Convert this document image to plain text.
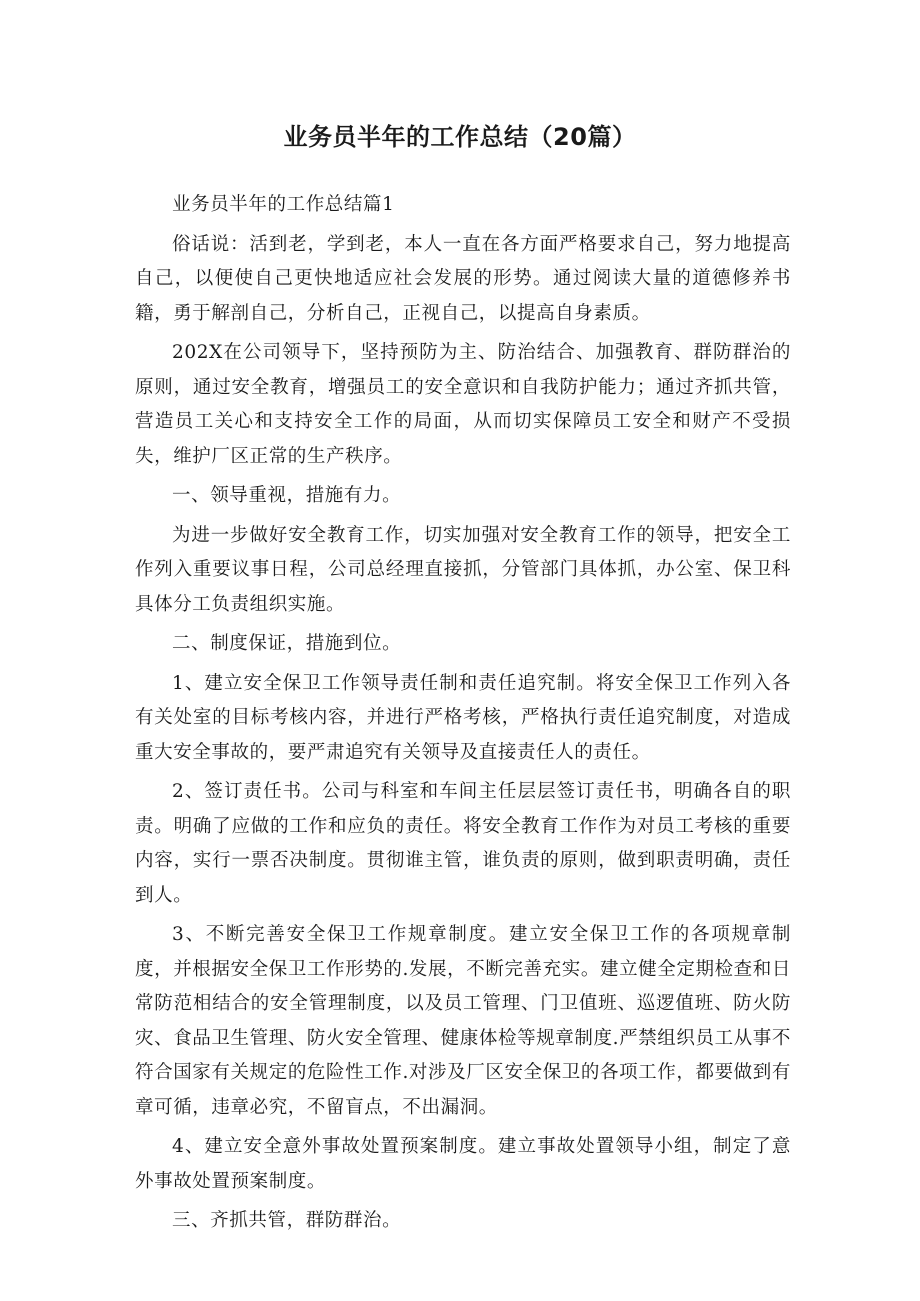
业务员半年的工作总结（20篇）

业务员半年的工作总结篇1

俗话说：活到老，学到老，本人一直在各方面严格要求自己，努力地提高自己，以便使自己更快地适应社会发展的形势。通过阅读大量的道德修养书籍，勇于解剖自己，分析自己，正视自己，以提高自身素质。

202X在公司领导下，坚持预防为主、防治结合、加强教育、群防群治的原则，通过安全教育，增强员工的安全意识和自我防护能力；通过齐抓共管，营造员工关心和支持安全工作的局面，从而切实保障员工安全和财产不受损失，维护厂区正常的生产秩序。

一、领导重视，措施有力。

为进一步做好安全教育工作，切实加强对安全教育工作的领导，把安全工作列入重要议事日程，公司总经理直接抓，分管部门具体抓，办公室、保卫科具体分工负责组织实施。

二、制度保证，措施到位。

1、建立安全保卫工作领导责任制和责任追究制。将安全保卫工作列入各有关处室的目标考核内容，并进行严格考核，严格执行责任追究制度，对造成重大安全事故的，要严肃追究有关领导及直接责任人的责任。

2、签订责任书。公司与科室和车间主任层层签订责任书，明确各自的职责。明确了应做的工作和应负的责任。将安全教育工作作为对员工考核的重要内容，实行一票否决制度。贯彻谁主管，谁负责的原则，做到职责明确，责任到人。

3、不断完善安全保卫工作规章制度。建立安全保卫工作的各项规章制度，并根据安全保卫工作形势的.发展，不断完善充实。建立健全定期检查和日常防范相结合的安全管理制度，以及员工管理、门卫值班、巡逻值班、防火防灾、食品卫生管理、防火安全管理、健康体检等规章制度.严禁组织员工从事不符合国家有关规定的危险性工作.对涉及厂区安全保卫的各项工作，都要做到有章可循，违章必究，不留盲点，不出漏洞。

4、建立安全意外事故处置预案制度。建立事故处置领导小组，制定了意外事故处置预案制度。

三、齐抓共管，群防群治。
